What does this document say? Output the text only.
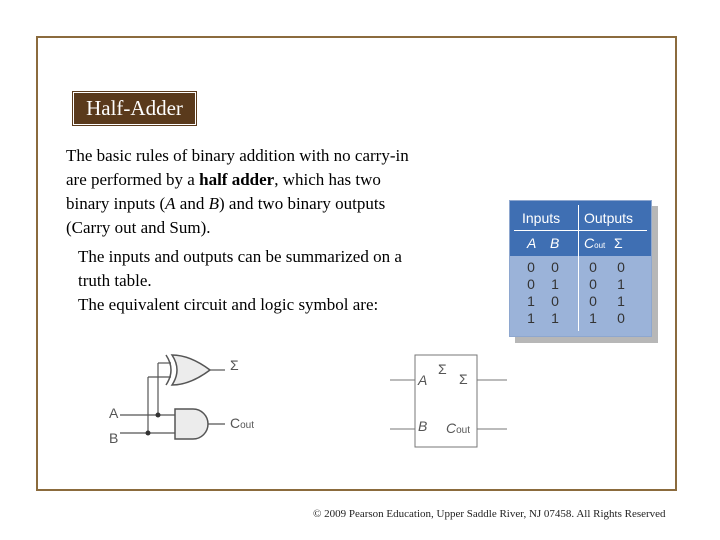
Half-Adder
The basic rules of binary addition with no carry-in
are performed by a half adder, which has two
binary inputs (A and B) and two binary outputs
(Carry out and Sum).
The inputs and outputs can be summarized on a
truth table.
The equivalent circuit and logic symbol are:
Inputs Outputs
A B Cout Σ
0
0
1
1
0
1
0
1
0
0
0
1
0
1
1
0
Σ
A
B
Cout
A
Σ
Σ
B Cout
© 2009 Pearson Education, Upper Saddle River, NJ 07458. All Rights Reserved
